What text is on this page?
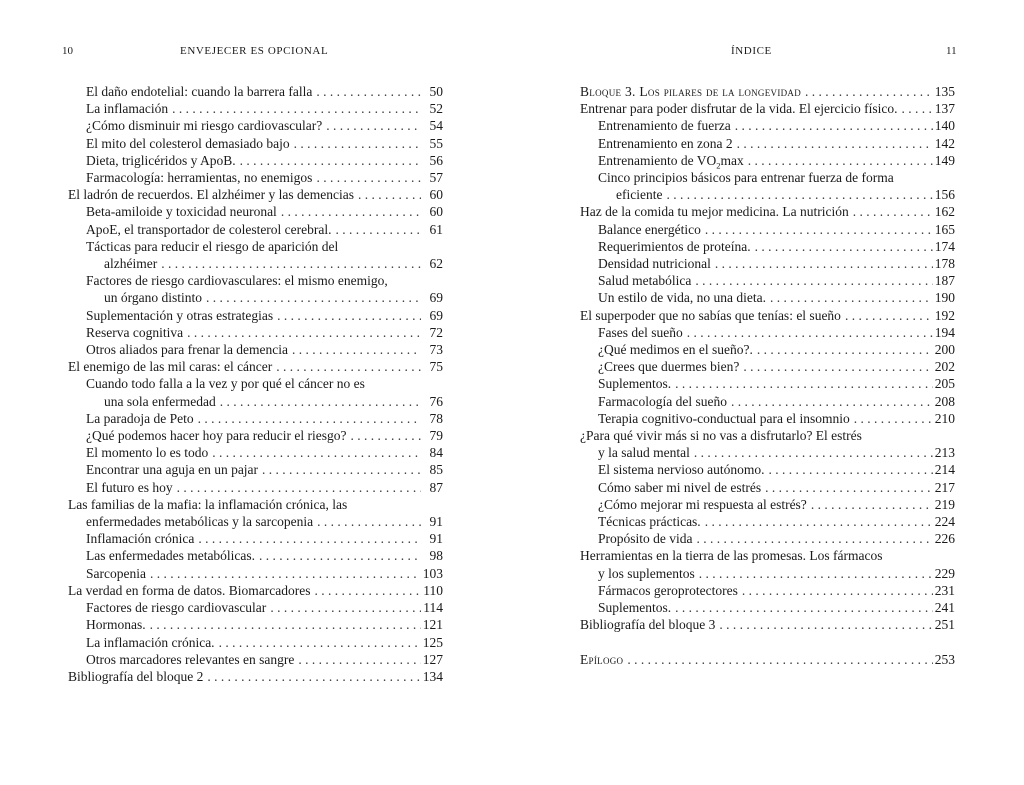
10	ENVEJECER ES OPCIONAL
El daño endotelial: cuando la barrera falla . . .	50
La inflamación . . .	52
¿Cómo disminuir mi riesgo cardiovascular? . . .	54
El mito del colesterol demasiado bajo . . .	55
Dieta, triglicéridos y ApoB. . . .	56
Farmacología: herramientas, no enemigos . . .	57
El ladrón de recuerdos. El alzhéimer y las demencias . . .	60
Beta-amiloide y toxicidad neuronal . . .	60
ApoE, el transportador de colesterol cerebral. . . .	61
Tácticas para reducir el riesgo de aparición del
alzhéimer . . .	62
Factores de riesgo cardiovasculares: el mismo enemigo,
un órgano distinto . . .	69
Suplementación y otras estrategias . . .	69
Reserva cognitiva . . .	72
Otros aliados para frenar la demencia . . .	73
El enemigo de las mil caras: el cáncer . . .	75
Cuando todo falla a la vez y por qué el cáncer no es
una sola enfermedad . . .	76
La paradoja de Peto . . .	78
¿Qué podemos hacer hoy para reducir el riesgo? . . .	79
El momento lo es todo . . .	84
Encontrar una aguja en un pajar . . .	85
El futuro es hoy . . .	87
Las familias de la mafia: la inflamación crónica, las
enfermedades metabólicas y la sarcopenia . . .	91
Inflamación crónica . . .	91
Las enfermedades metabólicas. . . .	98
Sarcopenia . . .	103
La verdad en forma de datos. Biomarcadores . . .	110
Factores de riesgo cardiovascular . . .	114
Hormonas. . . .	121
La inflamación crónica. . . .	125
Otros marcadores relevantes en sangre . . .	127
Bibliografía del bloque 2 . . .	134
ÍNDICE	11
Bloque 3. Los pilares de la longevidad . . .	135
Entrenar para poder disfrutar de la vida. El ejercicio físico. . . .	137
Entrenamiento de fuerza . . .	140
Entrenamiento en zona 2 . . .	142
Entrenamiento de $VO_2\max$ . . .	149
Cinco principios básicos para entrenar fuerza de forma
eficiente . . .	156
Haz de la comida tu mejor medicina. La nutrición . . .	162
Balance energético . . .	165
Requerimientos de proteína. . . .	174
Densidad nutricional . . .	178
Salud metabólica . . .	187
Un estilo de vida, no una dieta. . . .	190
El superpoder que no sabías que tenías: el sueño . . .	192
Fases del sueño . . .	194
¿Qué medimos en el sueño?. . . .	200
¿Crees que duermes bien? . . .	202
Suplementos. . . .	205
Farmacología del sueño . . .	208
Terapia cognitivo-conductual para el insomnio . . .	210
¿Para qué vivir más si no vas a disfrutarlo? El estrés
y la salud mental . . .	213
El sistema nervioso autónomo. . . .	214
Cómo saber mi nivel de estrés . . .	217
¿Cómo mejorar mi respuesta al estrés? . . .	219
Técnicas prácticas. . . .	224
Propósito de vida . . .	226
Herramientas en la tierra de las promesas. Los fármacos
y los suplementos . . .	229
Fármacos geroprotectores . . .	231
Suplementos. . . .	241
Bibliografía del bloque 3 . . .	251
Epílogo . . .	253
